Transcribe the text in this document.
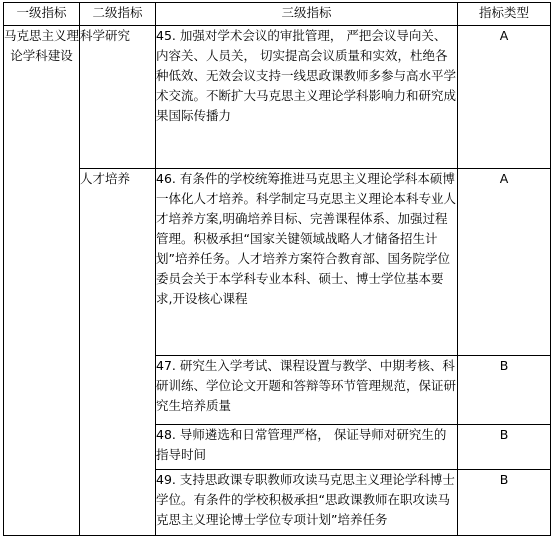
一级指标	二级指标	三级指标	指标类型
马克思主义理论学科建设	科学研究	45. 加强对学术会议的审批管理， 严把会议导向关、内容关、人员关， 切实提高会议质量和实效，杜绝各种低效、无效会议支持一线思政课教师多参与高水平学术交流。不断扩大马克思主义理论学科影响力和研究成果国际传播力	A
	人才培养	46. 有条件的学校统筹推进马克思主义理论学科本硕博一体化人才培养。科学制定马克思主义理论本科专业人才培养方案,明确培养目标、完善课程体系、加强过程管理。积极承担“国家关键领域战略人才储备招生计划”培养任务。人才培养方案符合教育部、国务院学位委员会关于本学科专业本科、硕士、博士学位基本要求,开设核心课程	A
		47. 研究生入学考试、课程设置与教学、中期考核、科研训练、学位论文开题和答辩等环节管理规范，保证研究生培养质量	B
		48. 导师遴选和日常管理严格， 保证导师对研究生的指导时间	B
		49. 支持思政课专职教师攻读马克思主义理论学科博士学位。有条件的学校积极承担“思政课教师在职攻读马克思主义理论博士学位专项计划”培养任务	B
